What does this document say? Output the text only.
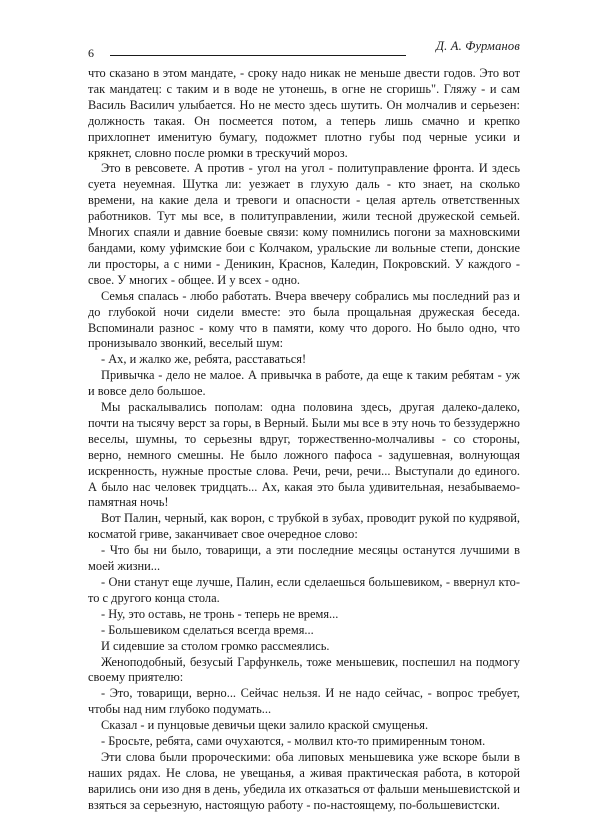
6	Д. А. Фурманов

что сказано в этом мандате, - сроку надо никак не меньше двести годов. Это вот так мандатец: с таким и в воде не утонешь, в огне не сгоришь". Гляжу - и сам Василь Василич улыбается. Но не место здесь шутить. Он молчалив и серьезен: должность такая. Он посмеется потом, а теперь лишь смачно и крепко прихлопнет именитую бумагу, подожмет плотно губы под черные усики и крякнет, словно после рюмки в трескучий мороз.

Это в ревсовете. А против - угол на угол - политуправление фронта. И здесь суета неуемная. Шутка ли: уезжает в глухую даль - кто знает, на сколько времени, на какие дела и тревоги и опасности - целая артель ответственных работников. Тут мы все, в политуправлении, жили тесной дружеской семьей. Многих спаяли и давние боевые связи: кому помнились погони за махновскими бандами, кому уфимские бои с Колчаком, уральские ли вольные степи, донские ли просторы, а с ними - Деникин, Краснов, Каледин, Покровский. У каждого - свое. У многих - общее. И у всех - одно.

Семья спалась - любо работать. Вчера ввечеру собрались мы последний раз и до глубокой ночи сидели вместе: это была прощальная дружеская беседа. Вспоминали разнос - кому что в памяти, кому что дорого. Но было одно, что пронизывало звонкий, веселый шум:

- Ах, и жалко же, ребята, расставаться!

Привычка - дело не малое. А привычка в работе, да еще к таким ребятам - уж и вовсе дело большое.

Мы раскалывались пополам: одна половина здесь, другая далеко-далеко, почти на тысячу верст за горы, в Верный. Были мы все в эту ночь то беззудержно веселы, шумны, то серьезны вдруг, торжественно-молчаливы - со стороны, верно, немного смешны. Не было ложного пафоса - задушевная, волнующая искренность, нужные простые слова. Речи, речи, речи... Выступали до единого. А было нас человек тридцать... Ах, какая это была удивительная, незабываемо-памятная ночь!

Вот Палин, черный, как ворон, с трубкой в зубах, проводит рукой по кудрявой, косматой гриве, заканчивает свое очередное слово:

- Что бы ни было, товарищи, а эти последние месяцы останутся лучшими в моей жизни...

- Они станут еще лучше, Палин, если сделаешься большевиком, - ввернул кто-то с другого конца стола.

- Ну, это оставь, не тронь - теперь не время...

- Большевиком сделаться всегда время...

И сидевшие за столом громко рассмеялись.

Женоподобный, безусый Гарфункель, тоже меньшевик, поспешил на подмогу своему приятелю:

- Это, товарищи, верно... Сейчас нельзя. И не надо сейчас, - вопрос требует, чтобы над ним глубоко подумать...

Сказал - и пунцовые девичьи щеки залило краской смущенья.

- Бросьте, ребята, сами очухаются, - молвил кто-то примиренным тоном.

Эти слова были пророческими: оба липовых меньшевика уже вскоре были в наших рядах. Не слова, не увещанья, а живая практическая работа, в которой варились они изо дня в день, убедила их отказаться от фальши меньшевистской и взяться за серьезную, настоящую работу - по-настоящему, по-большевистски.
